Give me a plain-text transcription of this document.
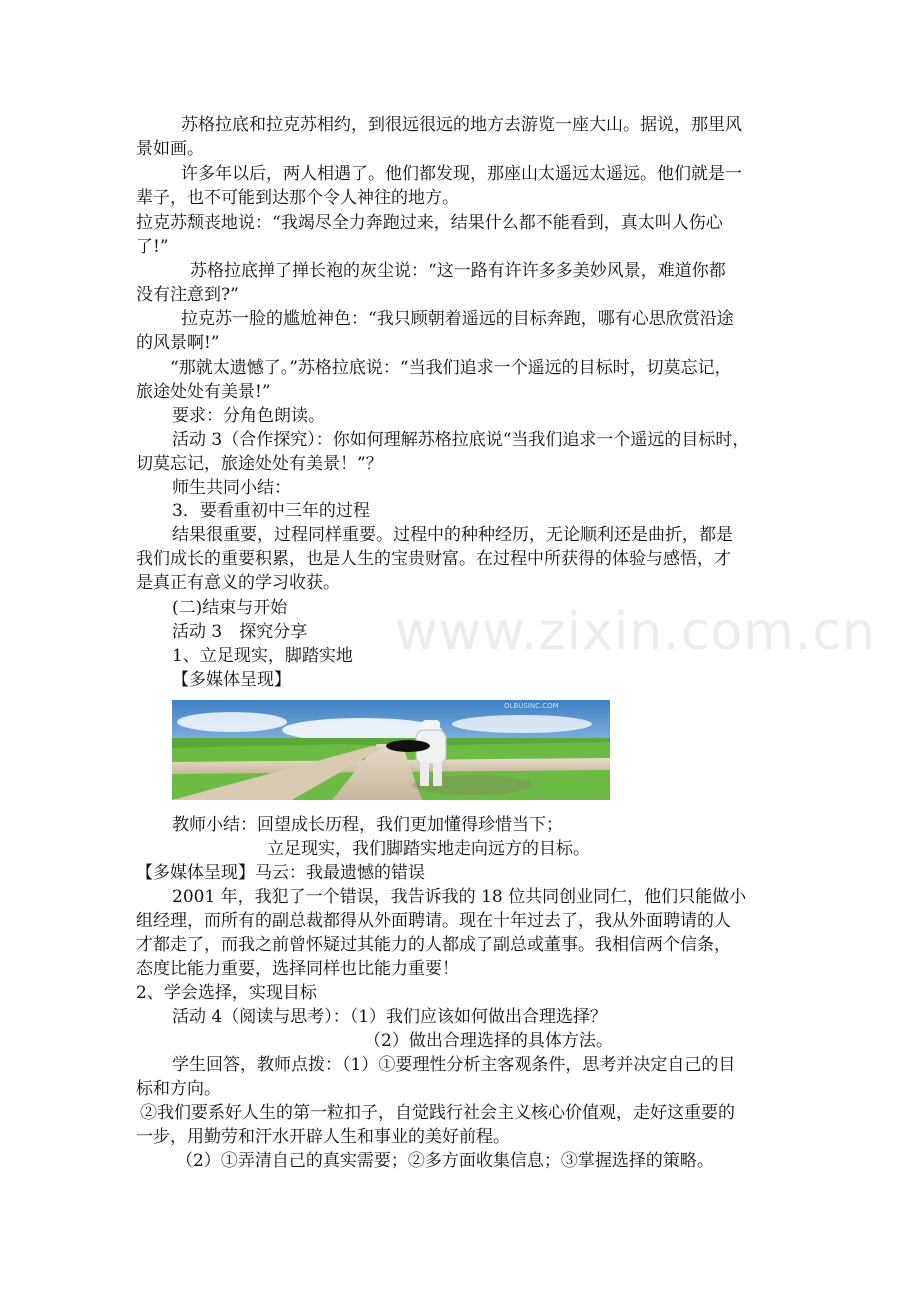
苏格拉底和拉克苏相约，到很远很远的地方去游览一座大山。据说，那里风
景如画。
许多年以后，两人相遇了。他们都发现，那座山太遥远太遥远。他们就是一
辈子，也不可能到达那个令人神往的地方。
拉克苏颓丧地说：“我竭尽全力奔跑过来，结果什么都不能看到，真太叫人伤心
了!”
苏格拉底掸了掸长袍的灰尘说：“这一路有许许多多美妙风景，难道你都
没有注意到?”
拉克苏一脸的尴尬神色：“我只顾朝着遥远的目标奔跑，哪有心思欣赏沿途
的风景啊!”
“那就太遗憾了。”苏格拉底说：“当我们追求一个遥远的目标时，切莫忘记，
旅途处处有美景!”
要求：分角色朗读。
活动 3（合作探究）：你如何理解苏格拉底说“当我们追求一个遥远的目标时，
切莫忘记，旅途处处有美景！”？
师生共同小结：
3．要看重初中三年的过程
结果很重要，过程同样重要。过程中的种种经历，无论顺利还是曲折，都是
我们成长的重要积累，也是人生的宝贵财富。在过程中所获得的体验与感悟，才
是真正有意义的学习收获。
(二)结束与开始
活动 3　探究分享
1、立足现实，脚踏实地
【多媒体呈现】
教师小结：回望成长历程，我们更加懂得珍惜当下；
立足现实，我们脚踏实地走向远方的目标。
【多媒体呈现】马云：我最遗憾的错误
2001 年，我犯了一个错误，我告诉我的 18 位共同创业同仁，他们只能做小
组经理，而所有的副总裁都得从外面聘请。现在十年过去了，我从外面聘请的人
才都走了，而我之前曾怀疑过其能力的人都成了副总或董事。我相信两个信条，
态度比能力重要，选择同样也比能力重要！
2、学会选择，实现目标
活动 4（阅读与思考）：（1）我们应该如何做出合理选择？
（2）做出合理选择的具体方法。
学生回答，教师点拨：（1）①要理性分析主客观条件，思考并决定自己的目
标和方向。
②我们要系好人生的第一粒扣子，自觉践行社会主义核心价值观，走好这重要的
一步，用勤劳和汗水开辟人生和事业的美好前程。
（2）①弄清自己的真实需要；②多方面收集信息；③掌握选择的策略。
OLBUSINC.COM
www.zixin.com.cn
